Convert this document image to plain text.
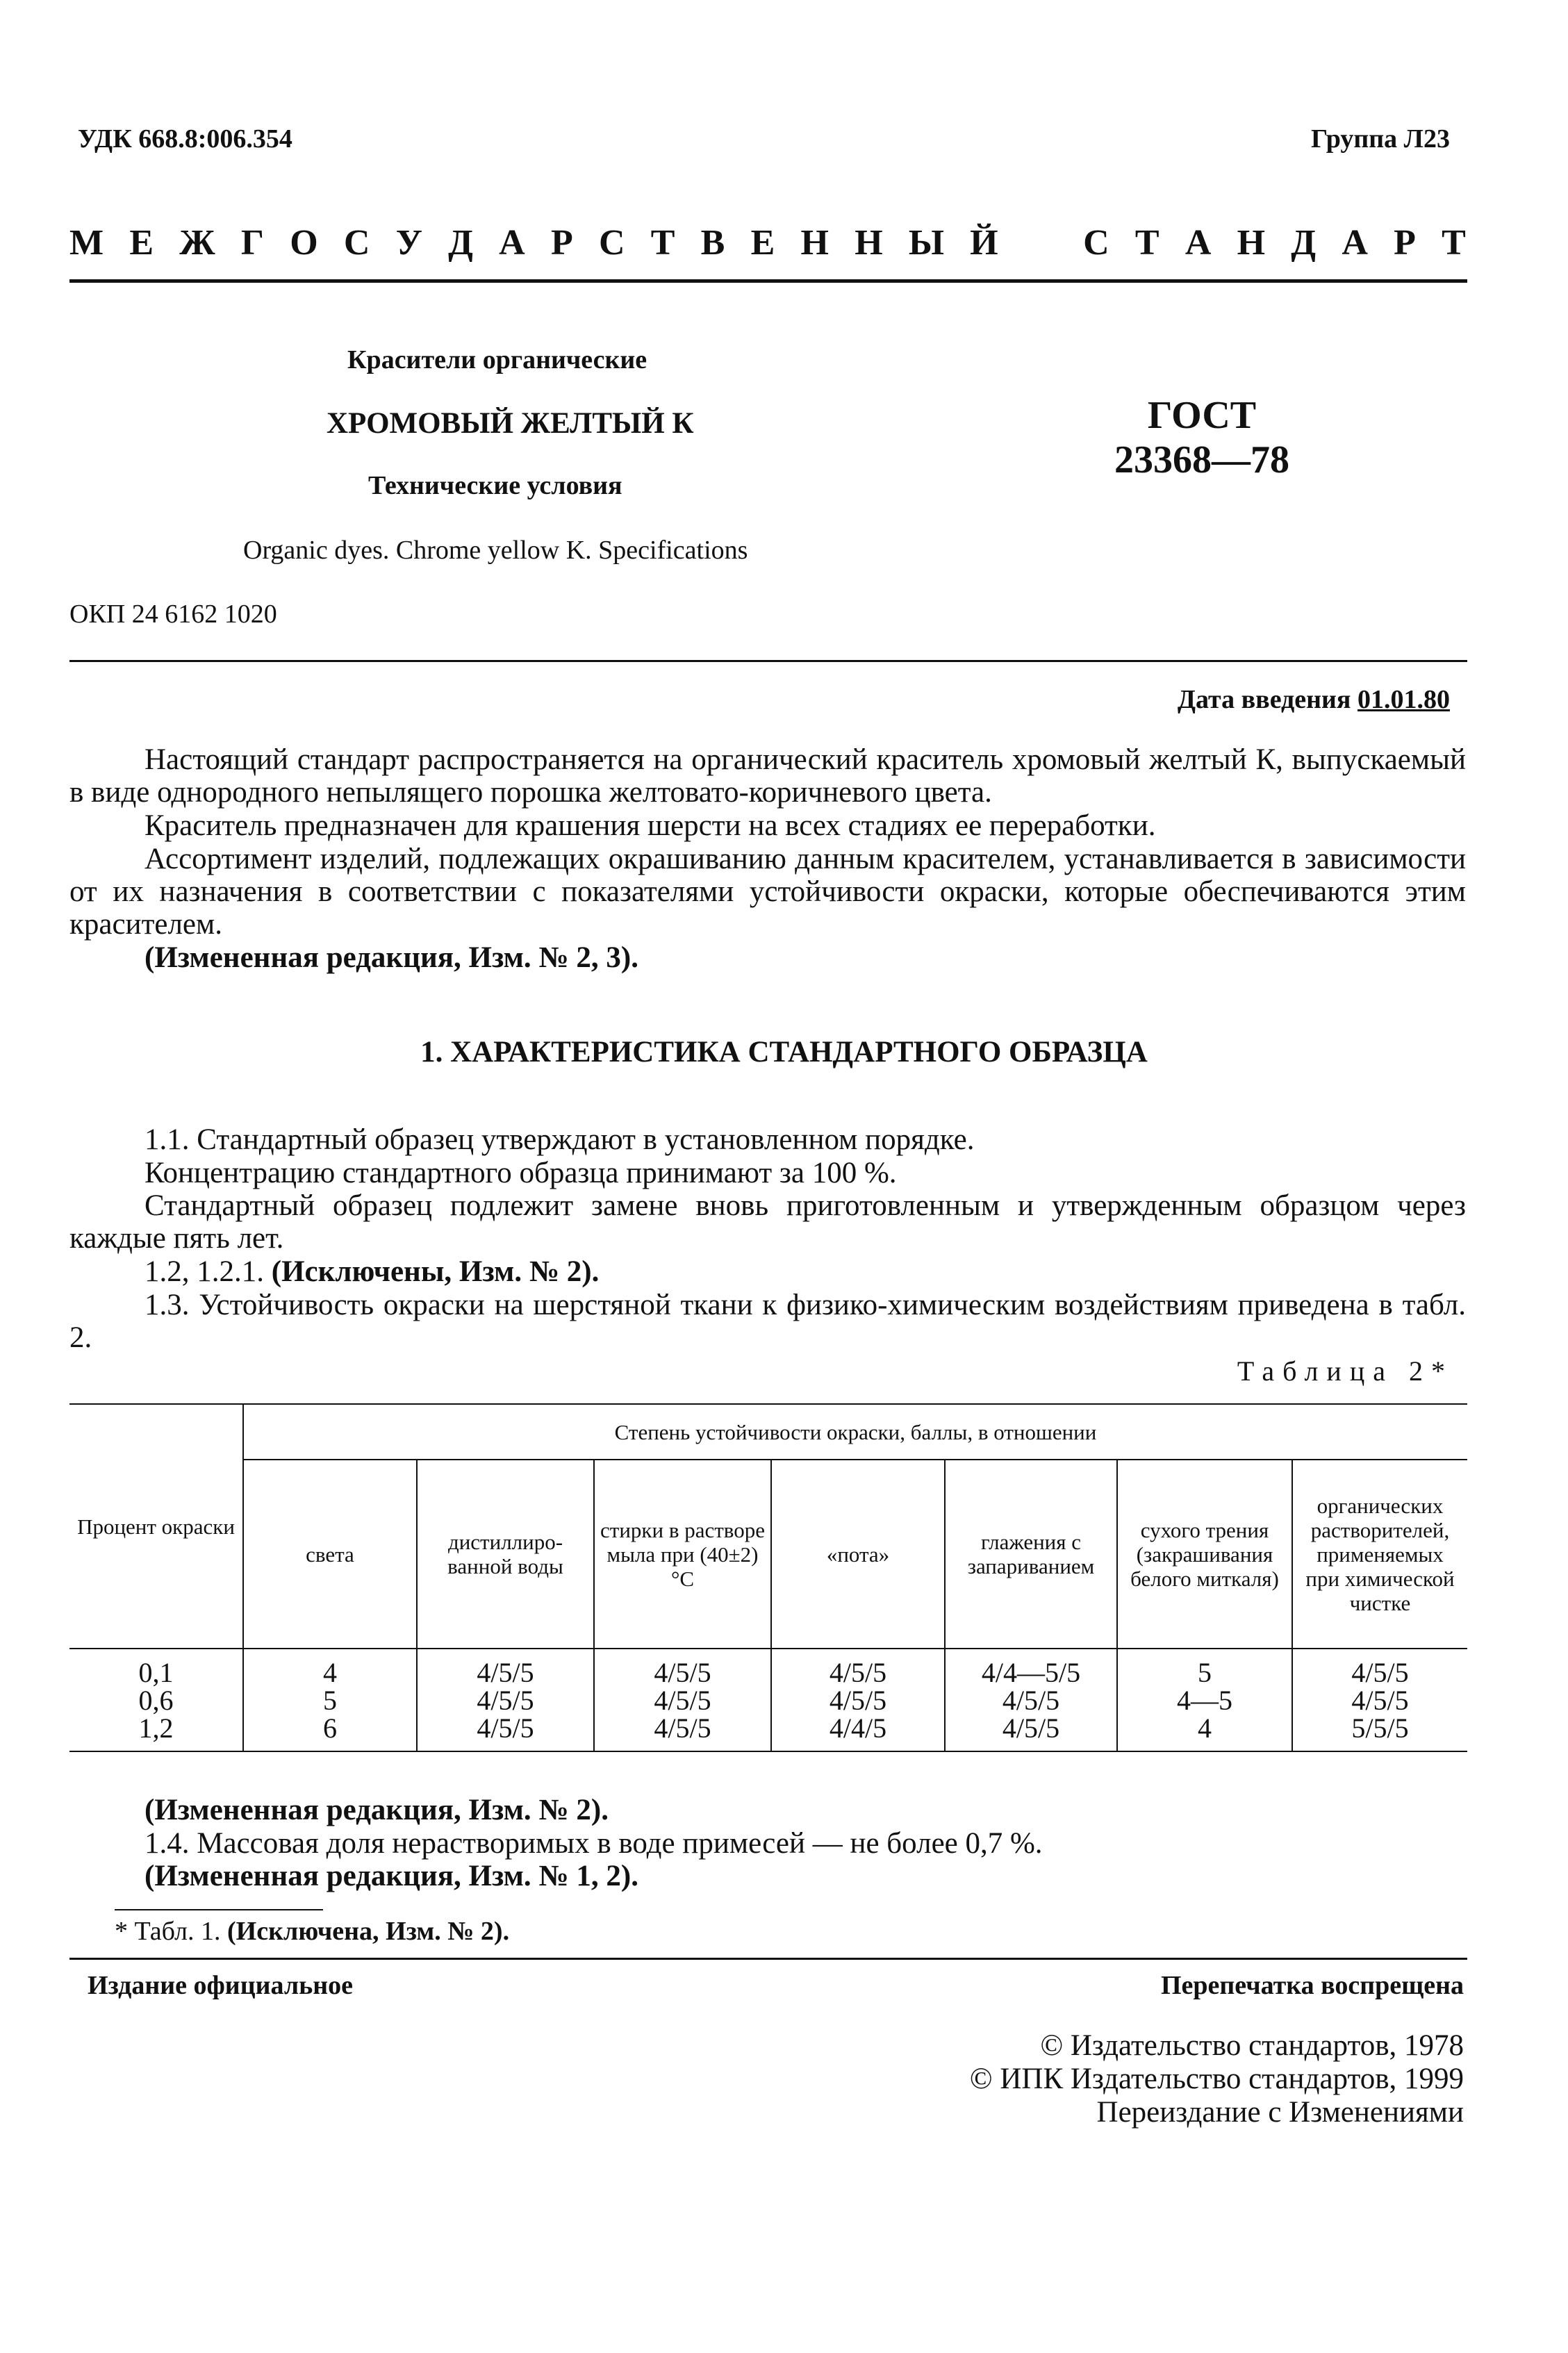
УДК 668.8:006.354	Группа Л23
М Е Ж Г О С У Д А Р С Т В Е Н Н Ы Й С Т А Н Д А Р Т
Красители органические
ХРОМОВЫЙ ЖЕЛТЫЙ К
Технические условия
Organic dyes. Chrome yellow K. Specifications
ОКП 24 6162 1020
ГОСТ
23368—78
Дата введения 01.01.80
Настоящий стандарт распространяется на органический краситель хромовый желтый К, выпускаемый в виде однородного непылящего порошка желтовато-коричневого цвета.
Краситель предназначен для крашения шерсти на всех стадиях ее переработки.
Ассортимент изделий, подлежащих окрашиванию данным красителем, устанавливается в зависимости от их назначения в соответствии с показателями устойчивости окраски, которые обеспечиваются этим красителем.
(Измененная редакция, Изм. № 2, 3).
1. ХАРАКТЕРИСТИКА СТАНДАРТНОГО ОБРАЗЦА
1.1. Стандартный образец утверждают в установленном порядке.
Концентрацию стандартного образца принимают за 100 %.
Стандартный образец подлежит замене вновь приготовленным и утвержденным образцом через каждые пять лет.
1.2, 1.2.1. (Исключены, Изм. № 2).
1.3. Устойчивость окраски на шерстяной ткани к физико-химическим воздействиям приведена в табл. 2.
Таблица 2*
Процент окраски	Степень устойчивости окраски, баллы, в отношении						
	света	дистиллиро-ванной воды	стирки в растворе мыла при (40±2) °С	«пота»	глажения с запариванием	сухого трения (закрашивания белого миткаля)	органических растворителей, применяемых при химической чистке
0,1	4	4/5/5	4/5/5	4/5/5	4/4—5/5	5	4/5/5
0,6	5	4/5/5	4/5/5	4/5/5	4/5/5	4—5	4/5/5
1,2	6	4/5/5	4/5/5	4/4/5	4/5/5	4	5/5/5
(Измененная редакция, Изм. № 2).
1.4. Массовая доля нерастворимых в воде примесей — не более 0,7 %.
(Измененная редакция, Изм. № 1, 2).
* Табл. 1. (Исключена, Изм. № 2).
Издание официальное	Перепечатка воспрещена
© Издательство стандартов, 1978
© ИПК Издательство стандартов, 1999
Переиздание с Изменениями
